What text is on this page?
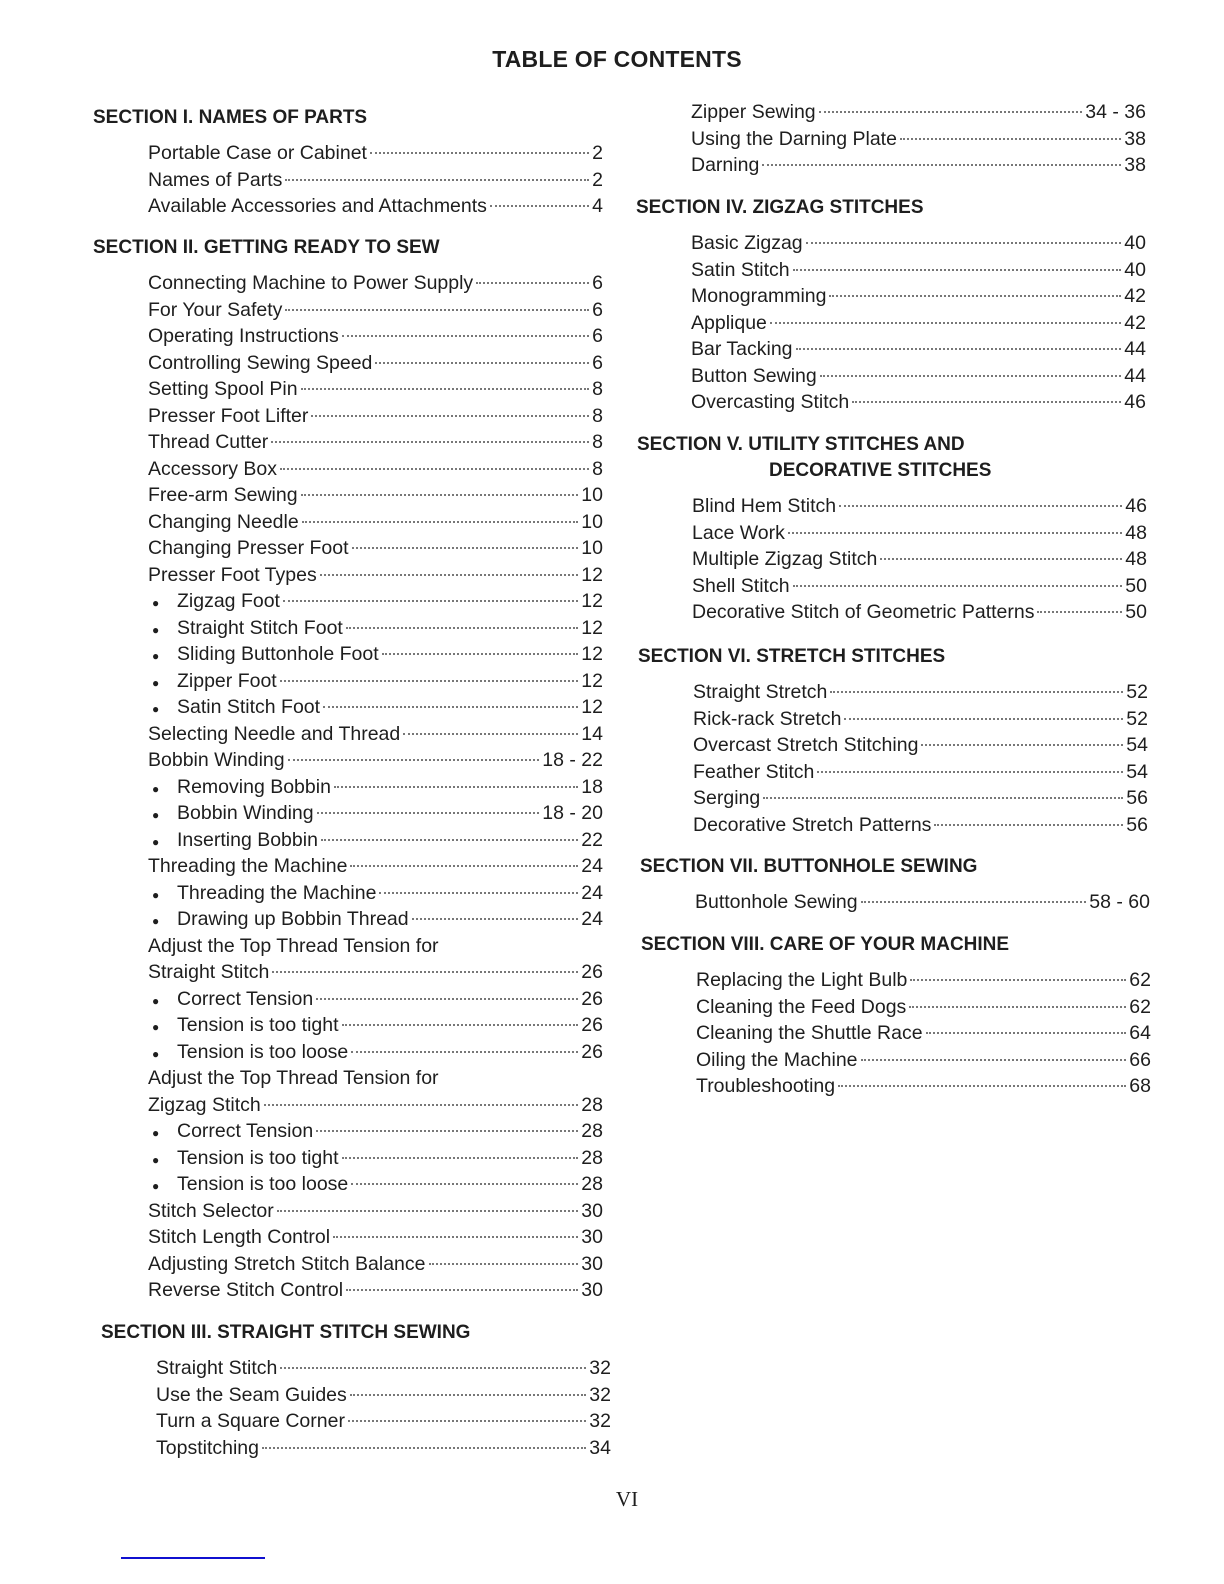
TABLE OF CONTENTS
SECTION I. NAMES OF PARTS
Portable Case or Cabinet	2
Names of Parts	2
Available Accessories and Attachments	4
SECTION II. GETTING READY TO SEW
Connecting Machine to Power Supply	6
For Your Safety	6
Operating Instructions	6
Controlling Sewing Speed	6
Setting Spool Pin	8
Presser Foot Lifter	8
Thread Cutter	8
Accessory Box	8
Free-arm Sewing	10
Changing Needle	10
Changing Presser Foot	10
Presser Foot Types	12
● Zigzag Foot	12
● Straight Stitch Foot	12
● Sliding Buttonhole Foot	12
● Zipper Foot	12
● Satin Stitch Foot	12
Selecting Needle and Thread	14
Bobbin Winding	18 - 22
● Removing Bobbin	18
● Bobbin Winding	18 - 20
● Inserting Bobbin	22
Threading the Machine	24
● Threading the Machine	24
● Drawing up Bobbin Thread	24
Adjust the Top Thread Tension for
Straight Stitch	26
● Correct Tension	26
● Tension is too tight	26
● Tension is too loose	26
Adjust the Top Thread Tension for
Zigzag Stitch	28
● Correct Tension	28
● Tension is too tight	28
● Tension is too loose	28
Stitch Selector	30
Stitch Length Control	30
Adjusting Stretch Stitch Balance	30
Reverse Stitch Control	30
SECTION III. STRAIGHT STITCH SEWING
Straight Stitch	32
Use the Seam Guides	32
Turn a Square Corner	32
Topstitching	34
Zipper Sewing	34 - 36
Using the Darning Plate	38
Darning	38
SECTION IV. ZIGZAG STITCHES
Basic Zigzag	40
Satin Stitch	40
Monogramming	42
Applique	42
Bar Tacking	44
Button Sewing	44
Overcasting Stitch	46
SECTION V. UTILITY STITCHES AND
DECORATIVE STITCHES
Blind Hem Stitch	46
Lace Work	48
Multiple Zigzag Stitch	48
Shell Stitch	50
Decorative Stitch of Geometric Patterns	50
SECTION VI. STRETCH STITCHES
Straight Stretch	52
Rick-rack Stretch	52
Overcast Stretch Stitching	54
Feather Stitch	54
Serging	56
Decorative Stretch Patterns	56
SECTION VII. BUTTONHOLE SEWING
Buttonhole Sewing	58 - 60
SECTION VIII. CARE OF YOUR MACHINE
Replacing the Light Bulb	62
Cleaning the Feed Dogs	62
Cleaning the Shuttle Race	64
Oiling the Machine	66
Troubleshooting	68
VI
